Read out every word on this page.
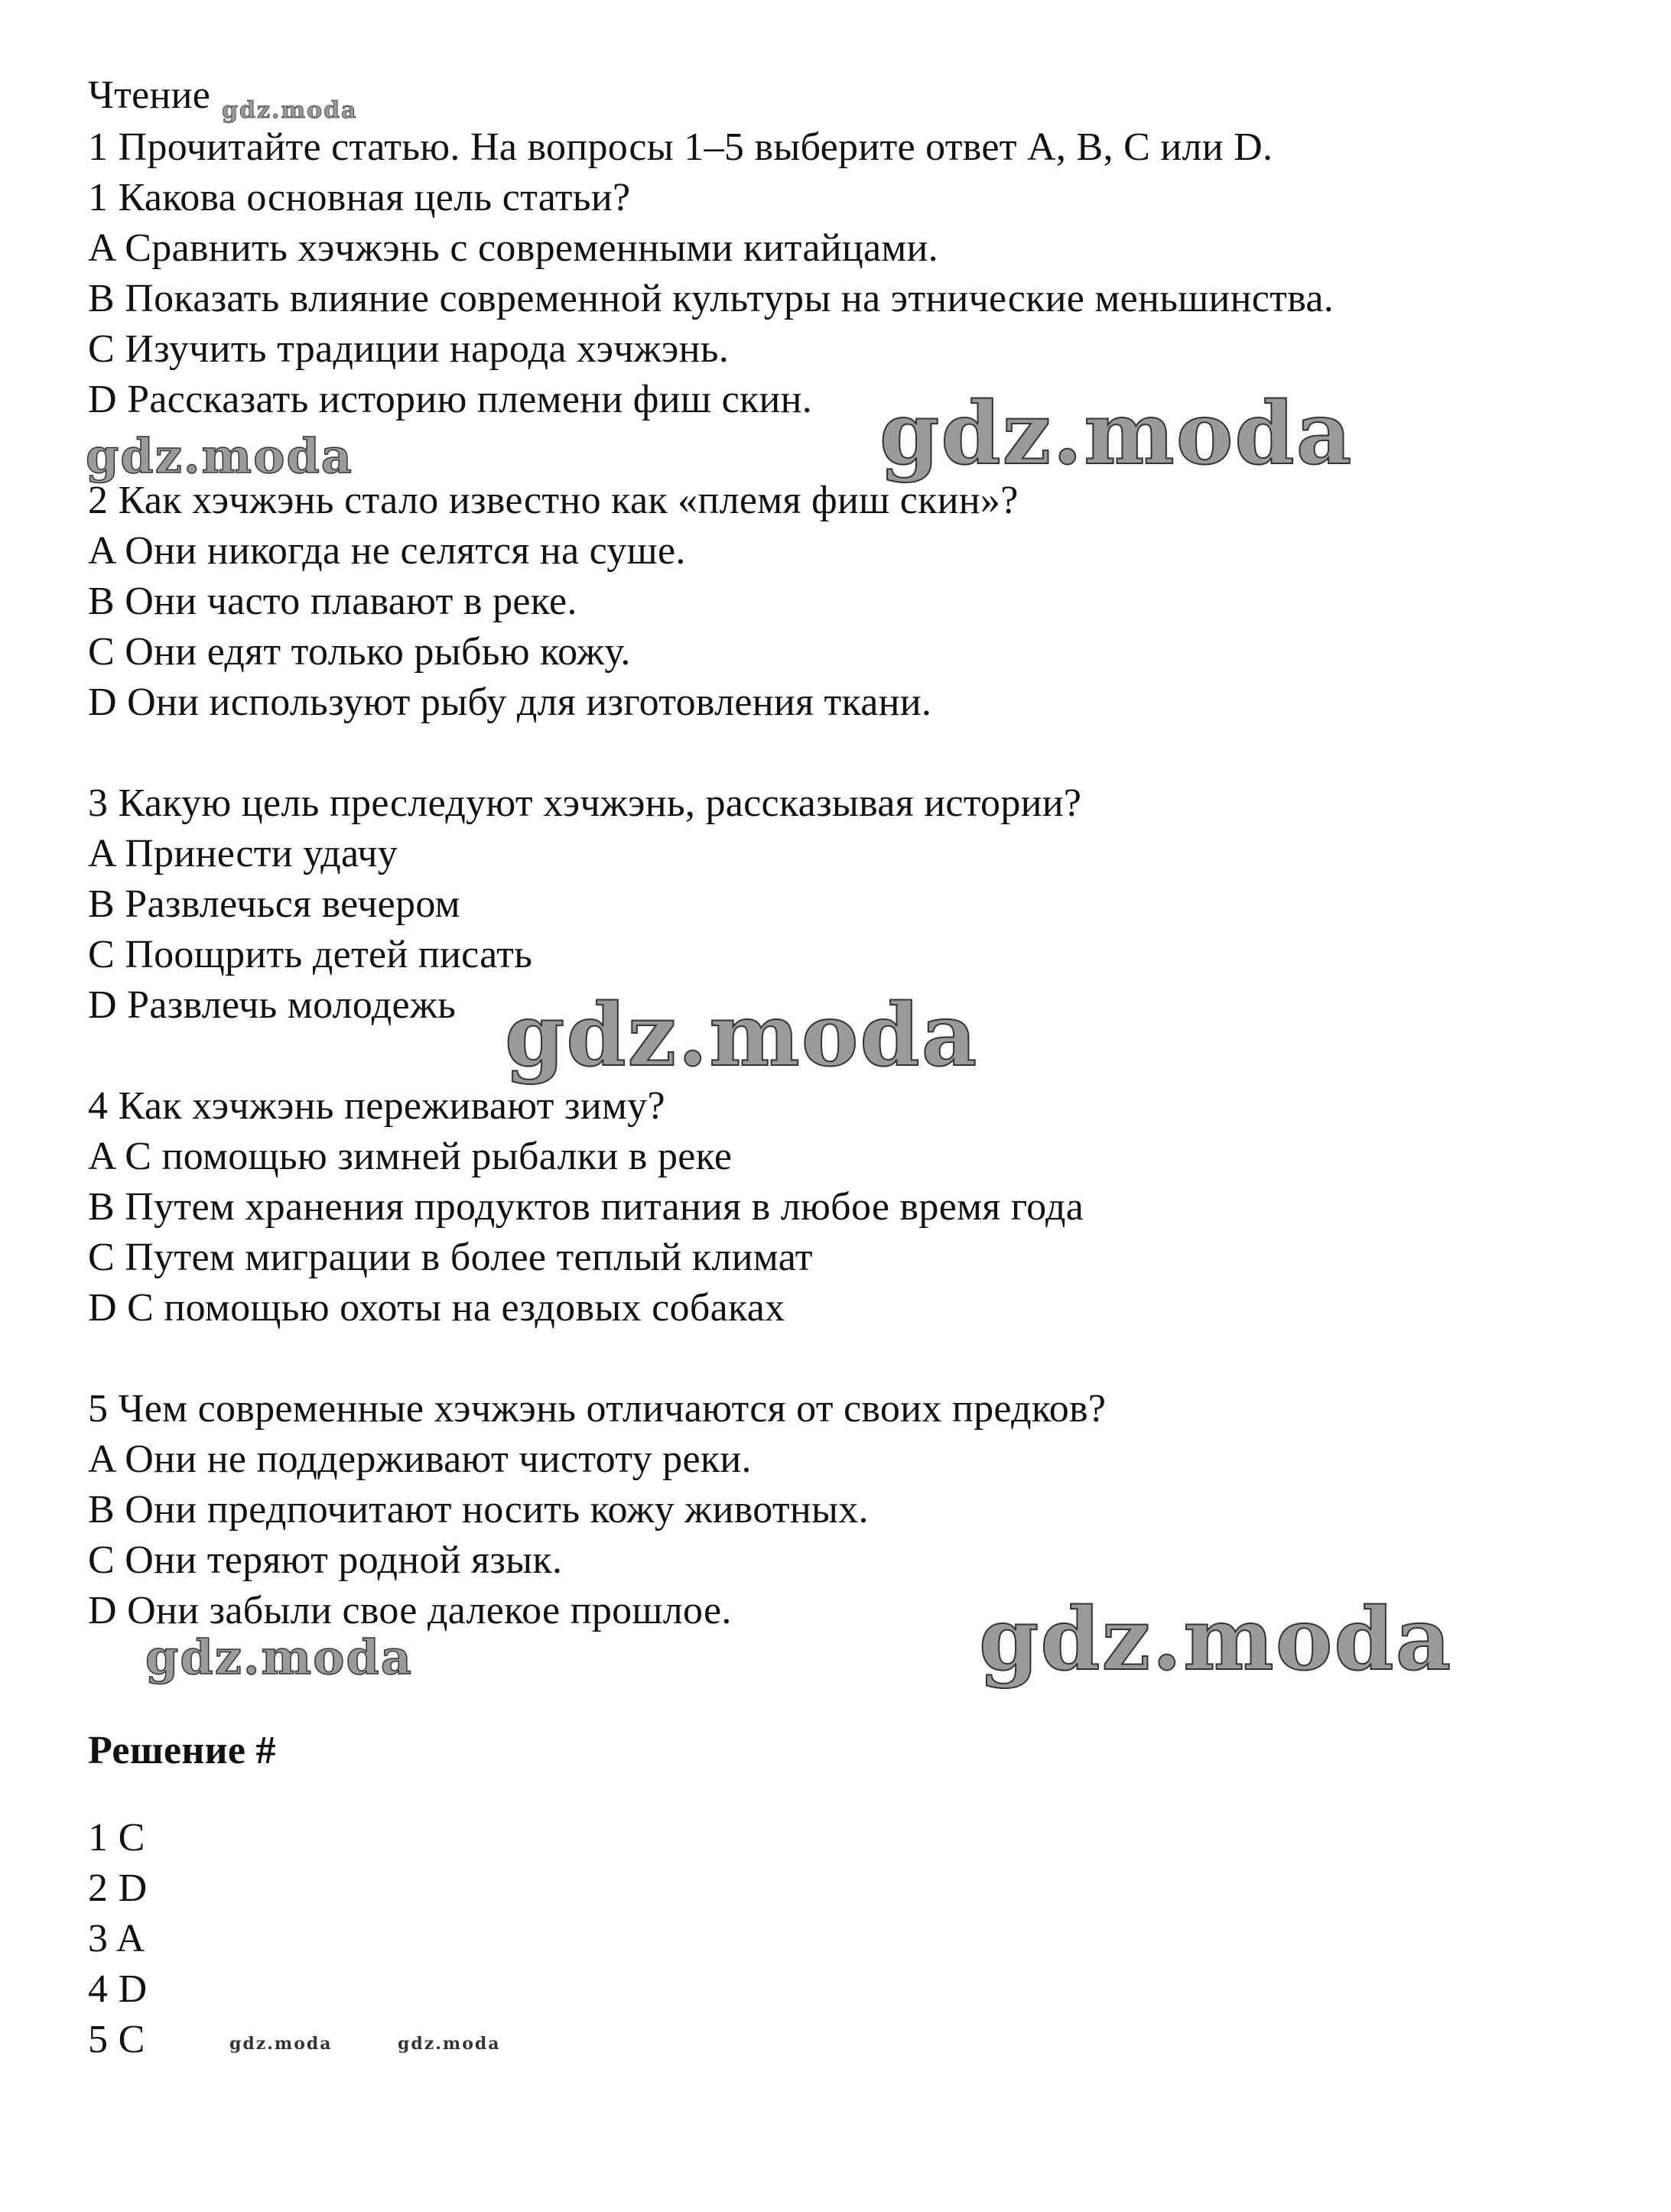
Чтение gdz.moda
1 Прочитайте статью. На вопросы 1–5 выберите ответ A, B, C или D.
1 Какова основная цель статьи?
A Сравнить хэчжэнь с современными китайцами.
B Показать влияние современной культуры на этнические меньшинства.
C Изучить традиции народа хэчжэнь.
D Рассказать историю племени фиш скин. gdz.moda
gdz.moda
2 Как хэчжэнь стало известно как «племя фиш скин»?
A Они никогда не селятся на суше.
B Они часто плавают в реке.
C Они едят только рыбью кожу.
D Они используют рыбу для изготовления ткани.
3 Какую цель преследуют хэчжэнь, рассказывая истории?
A Принести удачу
B Развлечься вечером
C Поощрить детей писать
D Развлечь молодежь gdz.moda
4 Как хэчжэнь переживают зиму?
A С помощью зимней рыбалки в реке
B Путем хранения продуктов питания в любое время года
C Путем миграции в более теплый климат
D С помощью охоты на ездовых собаках
5 Чем современные хэчжэнь отличаются от своих предков?
A Они не поддерживают чистоту реки.
B Они предпочитают носить кожу животных.
C Они теряют родной язык.
D Они забыли свое далекое прошлое.	gdz.moda
gdz.moda
Решение #
1 C
2 D
3 A
4 D
5 C	gdz.moda	gdz.moda
